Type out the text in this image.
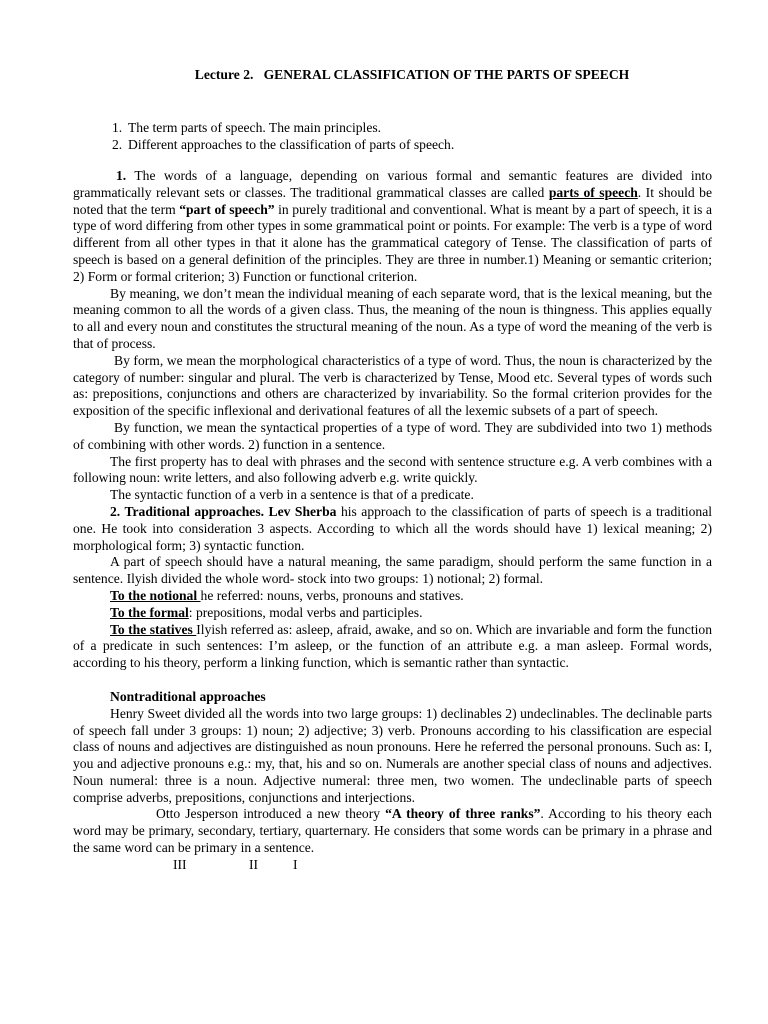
Lecture 2.   GENERAL CLASSIFICATION OF THE PARTS OF SPEECH
1. The term parts of speech. The main principles.
2. Different approaches to the classification of parts of speech.

1. The words of a language, depending on various formal and semantic features are divided into grammatically relevant sets or classes. The traditional grammatical classes are called parts of speech. It should be noted that the term “part of speech” in purely traditional and conventional. What is meant by a part of speech, it is a type of word differing from other types in some grammatical point or points. For example: The verb is a type of word different from all other types in that it alone has the grammatical category of Tense. The classification of parts of speech is based on a general definition of the principles. They are three in number.1) Meaning or semantic criterion; 2) Form or formal criterion; 3) Function or functional criterion.

By meaning, we don’t mean the individual meaning of each separate word, that is the lexical meaning, but the meaning common to all the words of a given class. Thus, the meaning of the noun is thingness. This applies equally to all and every noun and constitutes the structural meaning of the noun. As a type of word the meaning of the verb is that of process.

By form, we mean the morphological characteristics of a type of word. Thus, the noun is characterized by the category of number: singular and plural. The verb is characterized by Tense, Mood etc. Several types of words such as: prepositions, conjunctions and others are characterized by invariability. So the formal criterion provides for the exposition of the specific inflexional and derivational features of all the lexemic subsets of a part of speech.

By function, we mean the syntactical properties of a type of word. They are subdivided into two 1) methods of combining with other words. 2) function in a sentence.

The first property has to deal with phrases and the second with sentence structure e.g. A verb combines with a following noun: write letters, and also following adverb e.g. write quickly.

The syntactic function of a verb in a sentence is that of a predicate.

2. Traditional approaches. Lev Sherba his approach to the classification of parts of speech is a traditional one. He took into consideration 3 aspects. According to which all the words should have 1) lexical meaning; 2) morphological form; 3) syntactic function.

A part of speech should have a natural meaning, the same paradigm, should perform the same function in a sentence. Ilyish divided the whole word- stock into two groups: 1) notional; 2) formal.

To the notional he referred: nouns, verbs, pronouns and statives.

To the formal: prepositions, modal verbs and participles.

To the statives Ilyish referred as: asleep, afraid, awake, and so on. Which are invariable and form the function of a predicate in such sentences: I’m asleep, or the function of an attribute e.g. a man asleep. Formal words, according to his theory, perform a linking function, which is semantic rather than syntactic.

Nontraditional approaches

Henry Sweet divided all the words into two large groups: 1) declinables 2) undeclinables. The declinable parts of speech fall under 3 groups: 1) noun; 2) adjective; 3) verb. Pronouns according to his classification are especial class of nouns and adjectives are distinguished as noun pronouns. Here he referred the personal pronouns. Such as: I, you and adjective pronouns e.g.: my, that, his and so on. Numerals are another special class of nouns and adjectives. Noun numeral: three is a noun. Adjective numeral: three men, two women. The undeclinable parts of speech comprise adverbs, prepositions, conjunctions and interjections.

Otto Jesperson introduced a new theory “A theory of three ranks”. According to his theory each word may be primary, secondary, tertiary, quarternary. He considers that some words can be primary in a phrase and the same word can be primary in a sentence.

III	II	I
